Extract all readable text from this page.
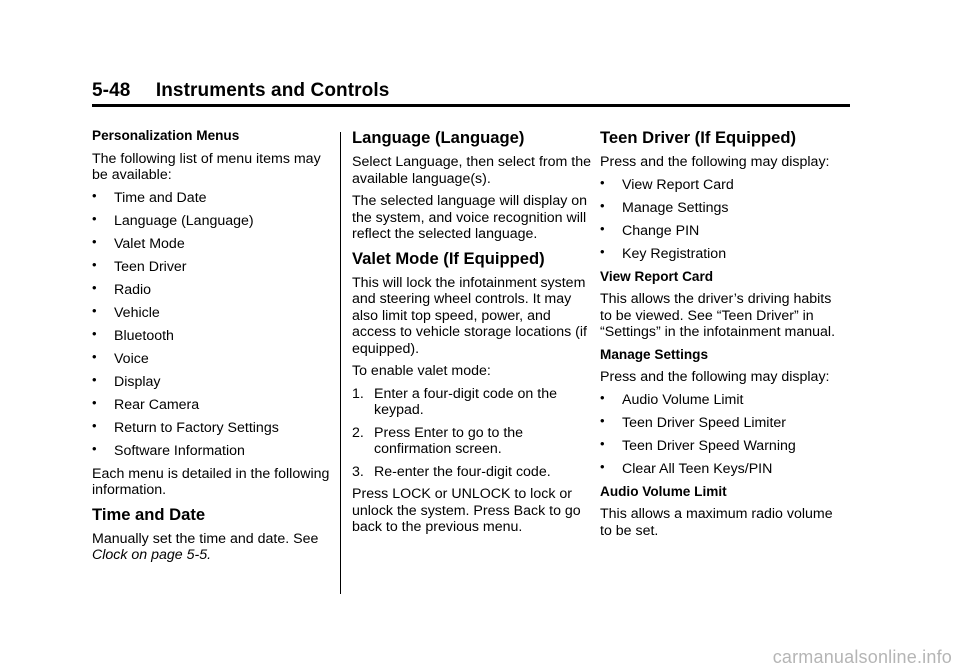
5-48 Instruments and Controls

Personalization Menus

The following list of menu items may be available:

• Time and Date
• Language (Language)
• Valet Mode
• Teen Driver
• Radio
• Vehicle
• Bluetooth
• Voice
• Display
• Rear Camera
• Return to Factory Settings
• Software Information

Each menu is detailed in the following information.

Time and Date

Manually set the time and date. See Clock on page 5-5.

Language (Language)

Select Language, then select from the available language(s).

The selected language will display on the system, and voice recognition will reflect the selected language.

Valet Mode (If Equipped)

This will lock the infotainment system and steering wheel controls. It may also limit top speed, power, and access to vehicle storage locations (if equipped).

To enable valet mode:

1. Enter a four-digit code on the keypad.
2. Press Enter to go to the confirmation screen.
3. Re-enter the four-digit code.

Press LOCK or UNLOCK to lock or unlock the system. Press Back to go back to the previous menu.

Teen Driver (If Equipped)

Press and the following may display:

• View Report Card
• Manage Settings
• Change PIN
• Key Registration

View Report Card

This allows the driver’s driving habits to be viewed. See “Teen Driver” in “Settings” in the infotainment manual.

Manage Settings

Press and the following may display:

• Audio Volume Limit
• Teen Driver Speed Limiter
• Teen Driver Speed Warning
• Clear All Teen Keys/PIN

Audio Volume Limit

This allows a maximum radio volume to be set.

carmanualsonline.info
